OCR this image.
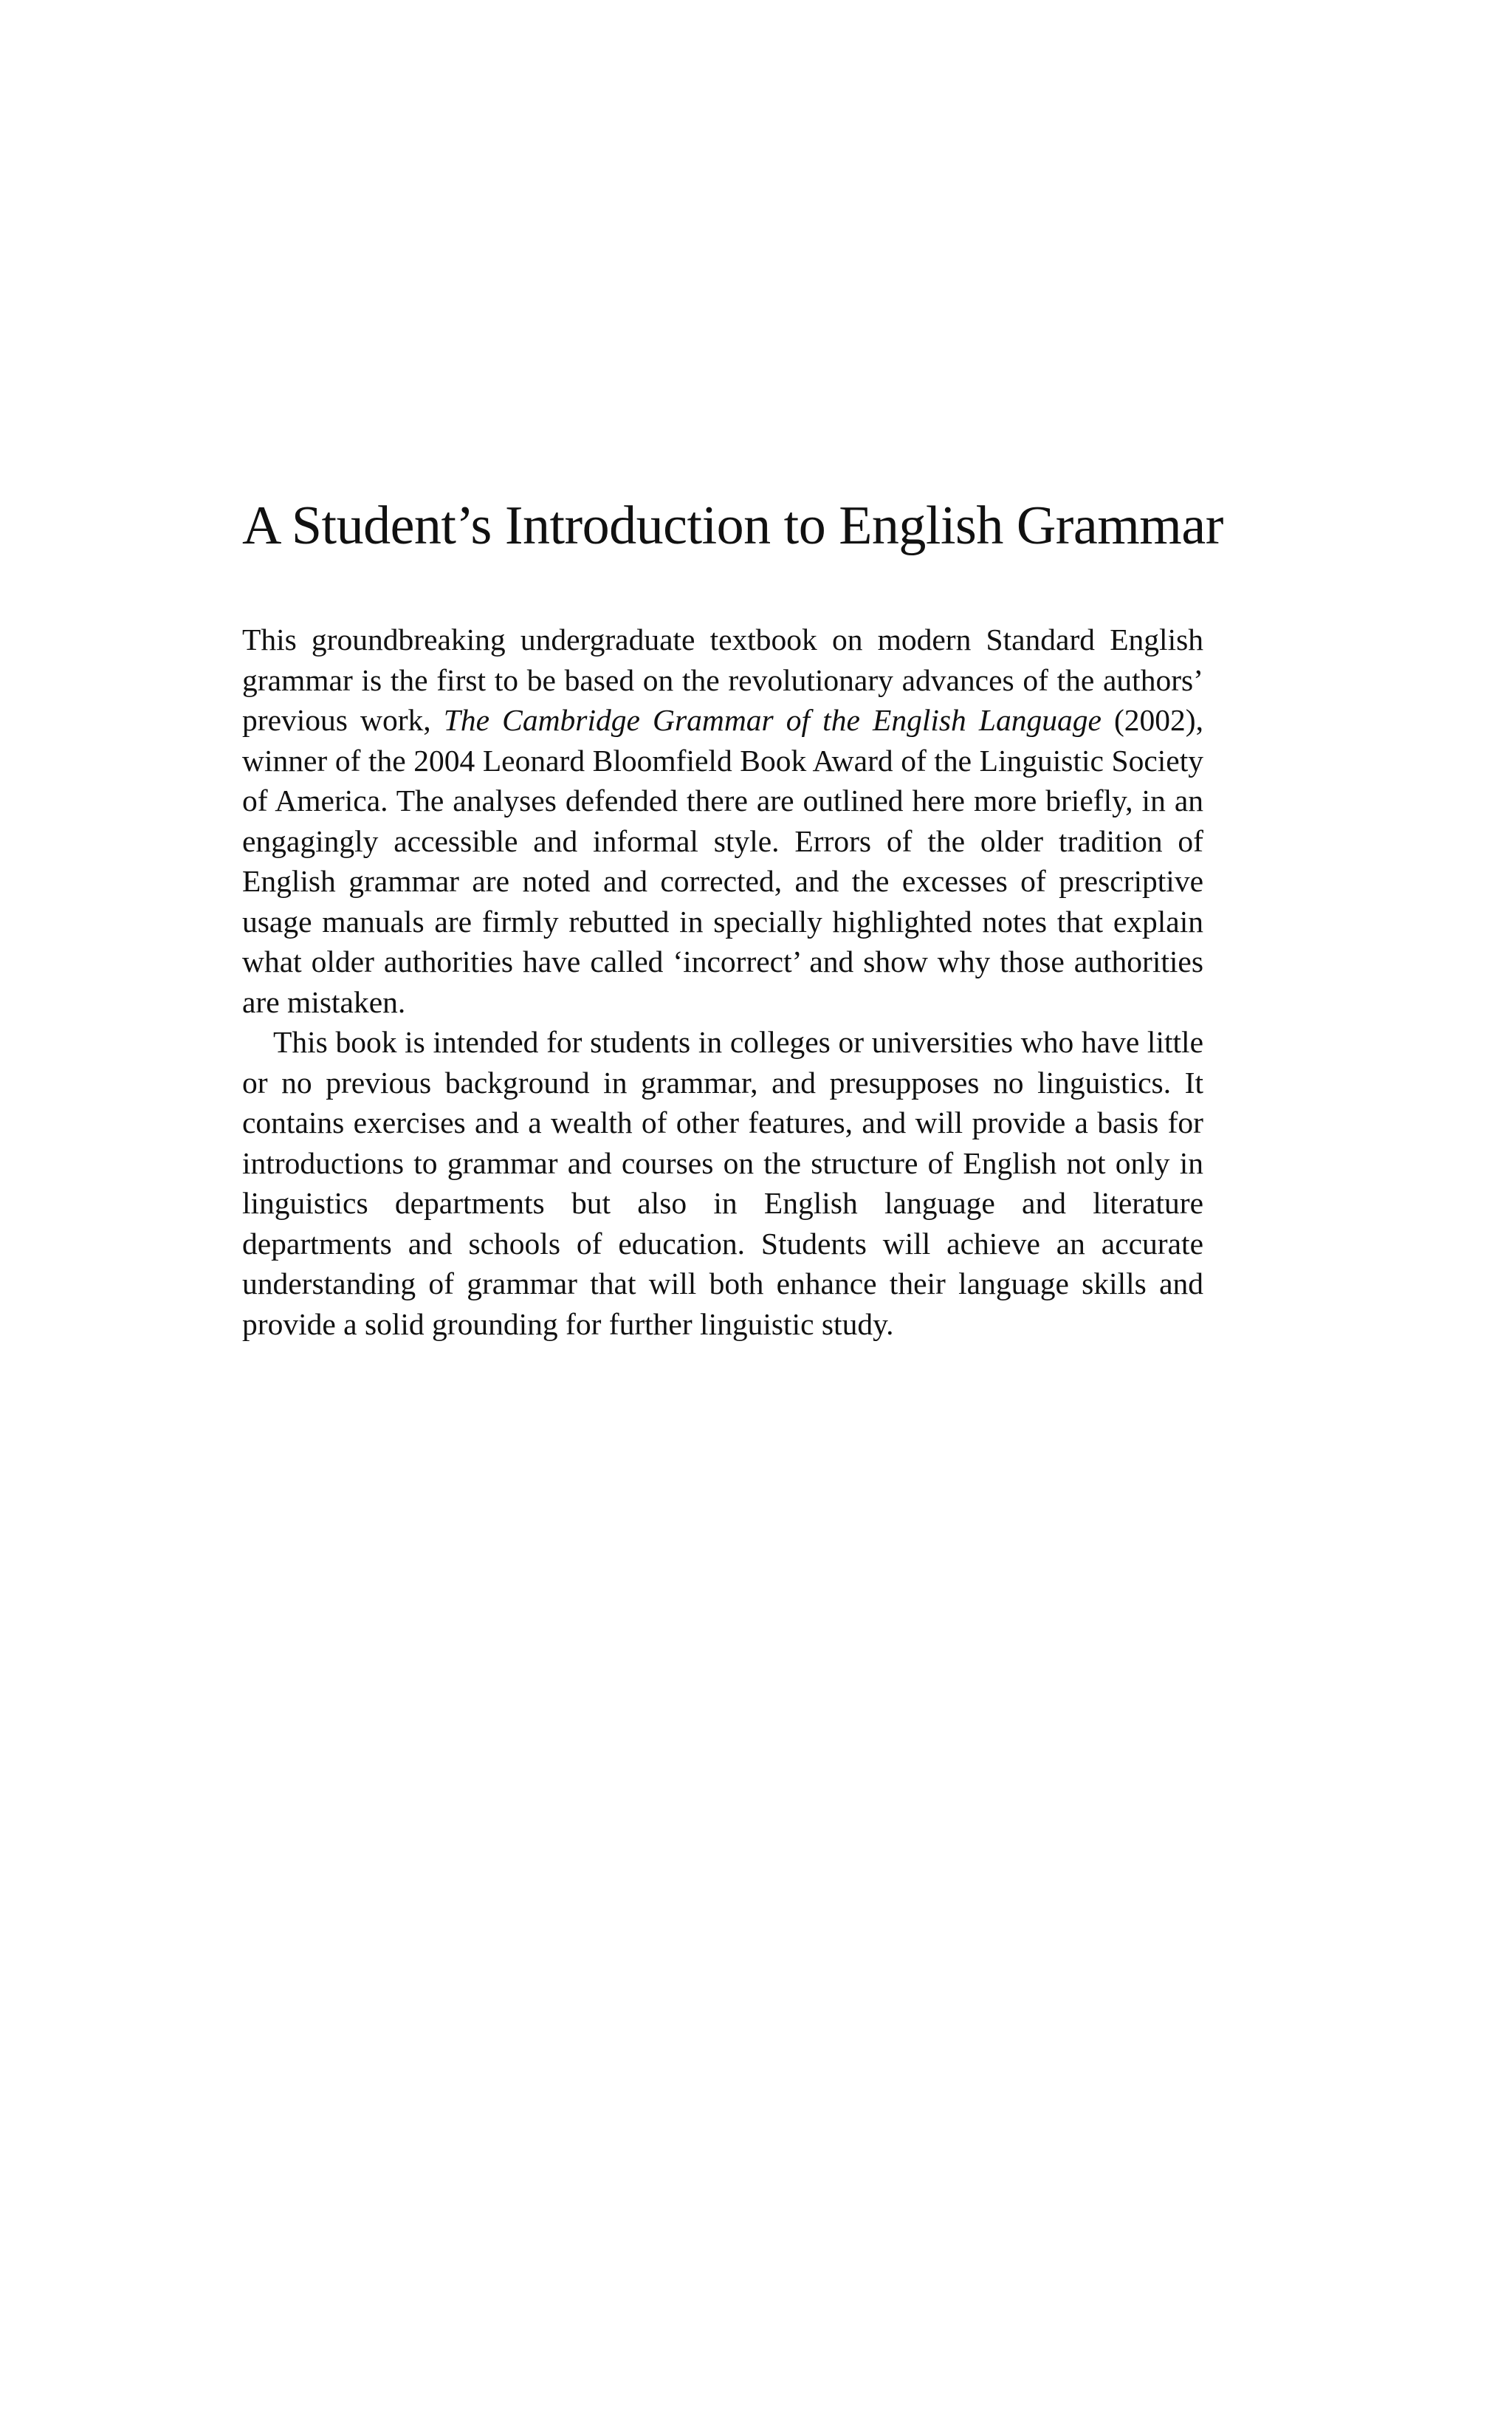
A Student’s Introduction to English Grammar

This groundbreaking undergraduate textbook on modern Standard English grammar is the first to be based on the revolutionary advances of the authors’ previous work, The Cambridge Grammar of the English Language (2002), winner of the 2004 Leonard Bloomfield Book Award of the Linguistic Society of America. The analyses defended there are outlined here more briefly, in an engagingly accessible and informal style. Errors of the older tradition of English grammar are noted and corrected, and the excesses of prescriptive usage manuals are firmly rebutted in specially highlighted notes that explain what older authorities have called ‘incorrect’ and show why those authorities are mistaken.

This book is intended for students in colleges or universities who have little or no previous background in grammar, and presupposes no linguistics. It contains exercises and a wealth of other features, and will provide a basis for introductions to grammar and courses on the structure of English not only in linguistics departments but also in English language and literature departments and schools of education. Students will achieve an accurate understanding of grammar that will both enhance their language skills and provide a solid grounding for further linguistic study.
